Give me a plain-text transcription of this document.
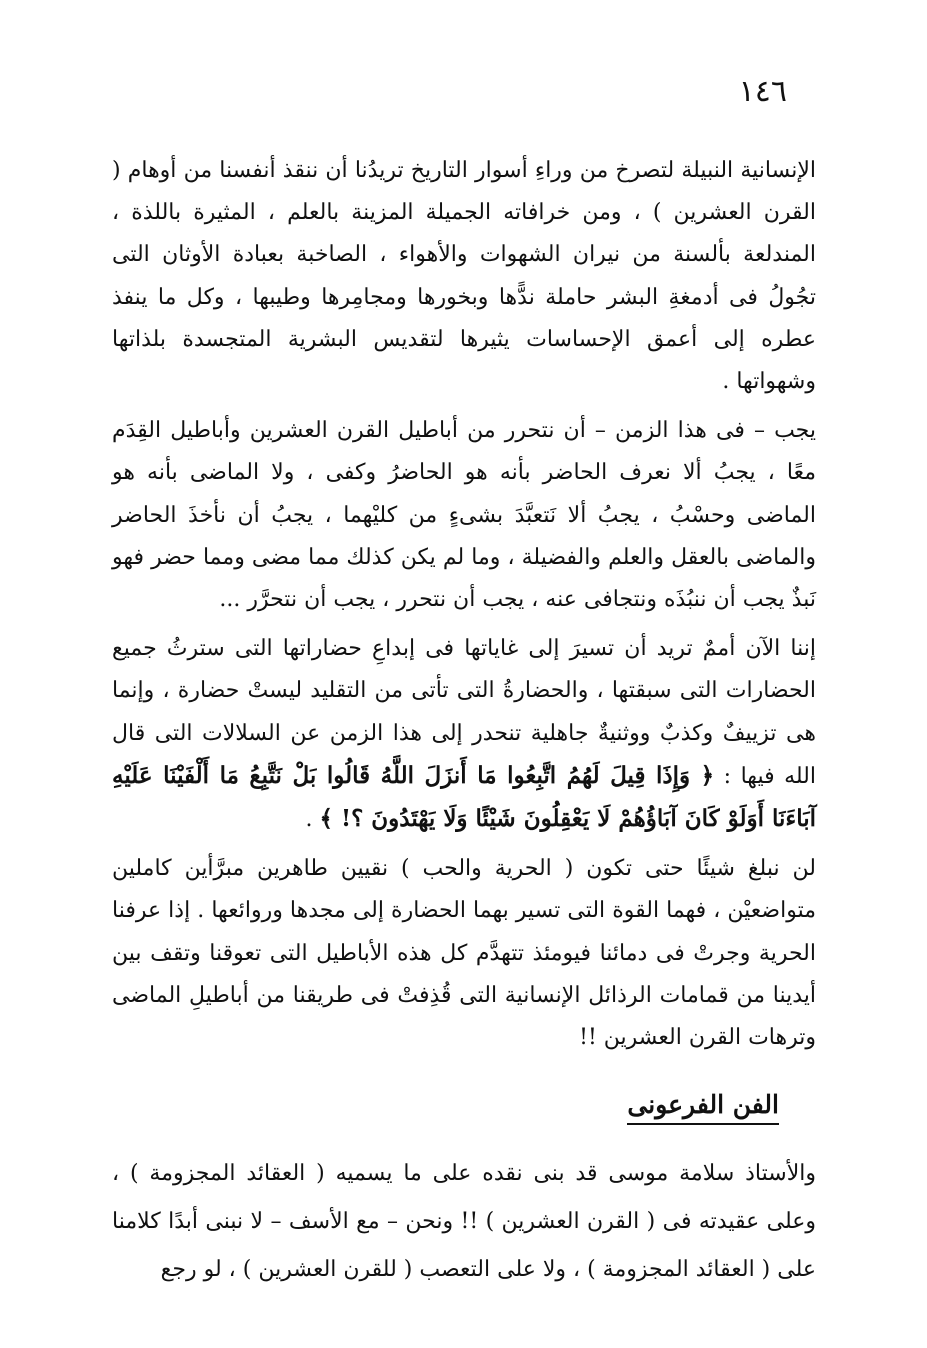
١٤٦

الإنسانية النبيلة لتصرخ من وراءِ أسوار التاريخ تريدُنا أن ننقذ أنفسنا من أوهام ( القرن العشرين ) ، ومن خرافاته الجميلة المزينة بالعلم ، المثيرة باللذة ، المندلعة بألسنة من نيران الشهوات والأهواء ، الصاخبة بعبادة الأوثان التى تجُولُ فى أدمغةِ البشر حاملة ندًّها وبخورها ومجامِرها وطيبها ، وكل ما ينفذ عطره إلى أعمق الإحساسات يثيرها لتقديس البشرية المتجسدة بلذاتها وشهواتها .

يجب – فى هذا الزمن – أن نتحرر من أباطيل القرن العشرين وأباطيل القِدَم معًا ، يجبُ ألا نعرف الحاضر بأنه هو الحاضرُ وكفى ، ولا الماضى بأنه هو الماضى وحسْبُ ، يجبُ ألا نَتعبَّدَ بشىءٍ من كليْهما ، يجبُ أن نأخذَ الحاضر والماضى بالعقل والعلم والفضيلة ، وما لم يكن كذلك مما مضى ومما حضر فهو نَبذٌ يجب أن ننبُذَه ونتجافى عنه ، يجب أن نتحرر ، يجب أن نتحرَّر ...

إننا الآن أممٌ تريد أن تسيرَ إلى غاياتها فى إبداعِ حضاراتها التى سترثُ جميع الحضارات التى سبقتها ، والحضارةُ التى تأتى من التقليد ليستْ حضارة ، وإنما هى تزييفٌ وكذبٌ ووثنيةٌ جاهلية تنحدر إلى هذا الزمن عن السلالات التى قال الله فيها : ﴿ وَإِذَا قِيلَ لَهُمُ اتَّبِعُوا مَا أَنزَلَ اللَّهُ قَالُوا بَلْ نَتَّبِعُ مَا أَلْفَيْنَا عَلَيْهِ آبَاءَنَا أَوَلَوْ كَانَ آبَاؤُهُمْ لَا يَعْقِلُونَ شَيْئًا وَلَا يَهْتَدُونَ ؟! ﴾ .

لن نبلغ شيئًا حتى تكون ( الحرية والحب ) نقيين طاهرين مبرَّأين كاملين متواضعيْن ، فهما القوة التى تسير بهما الحضارة إلى مجدها وروائعها . إذا عرفنا الحرية وجرتْ فى دمائنا فيومئذ تتهدَّم كل هذه الأباطيل التى تعوقنا وتقف بين أيدينا من قمامات الرذائل الإنسانية التى قُذِفتْ فى طريقنا من أباطيلِ الماضى وترهات القرن العشرين !!

الفن الفرعونى
والأستاذ سلامة موسى قد بنى نقده على ما يسميه ( العقائد المجزومة ) ، وعلى عقيدته فى ( القرن العشرين ) !! ونحن – مع الأسف – لا نبنى أبدًا كلامنا على ( العقائد المجزومة ) ، ولا على التعصب ( للقرن العشرين ) ، لو رجع
